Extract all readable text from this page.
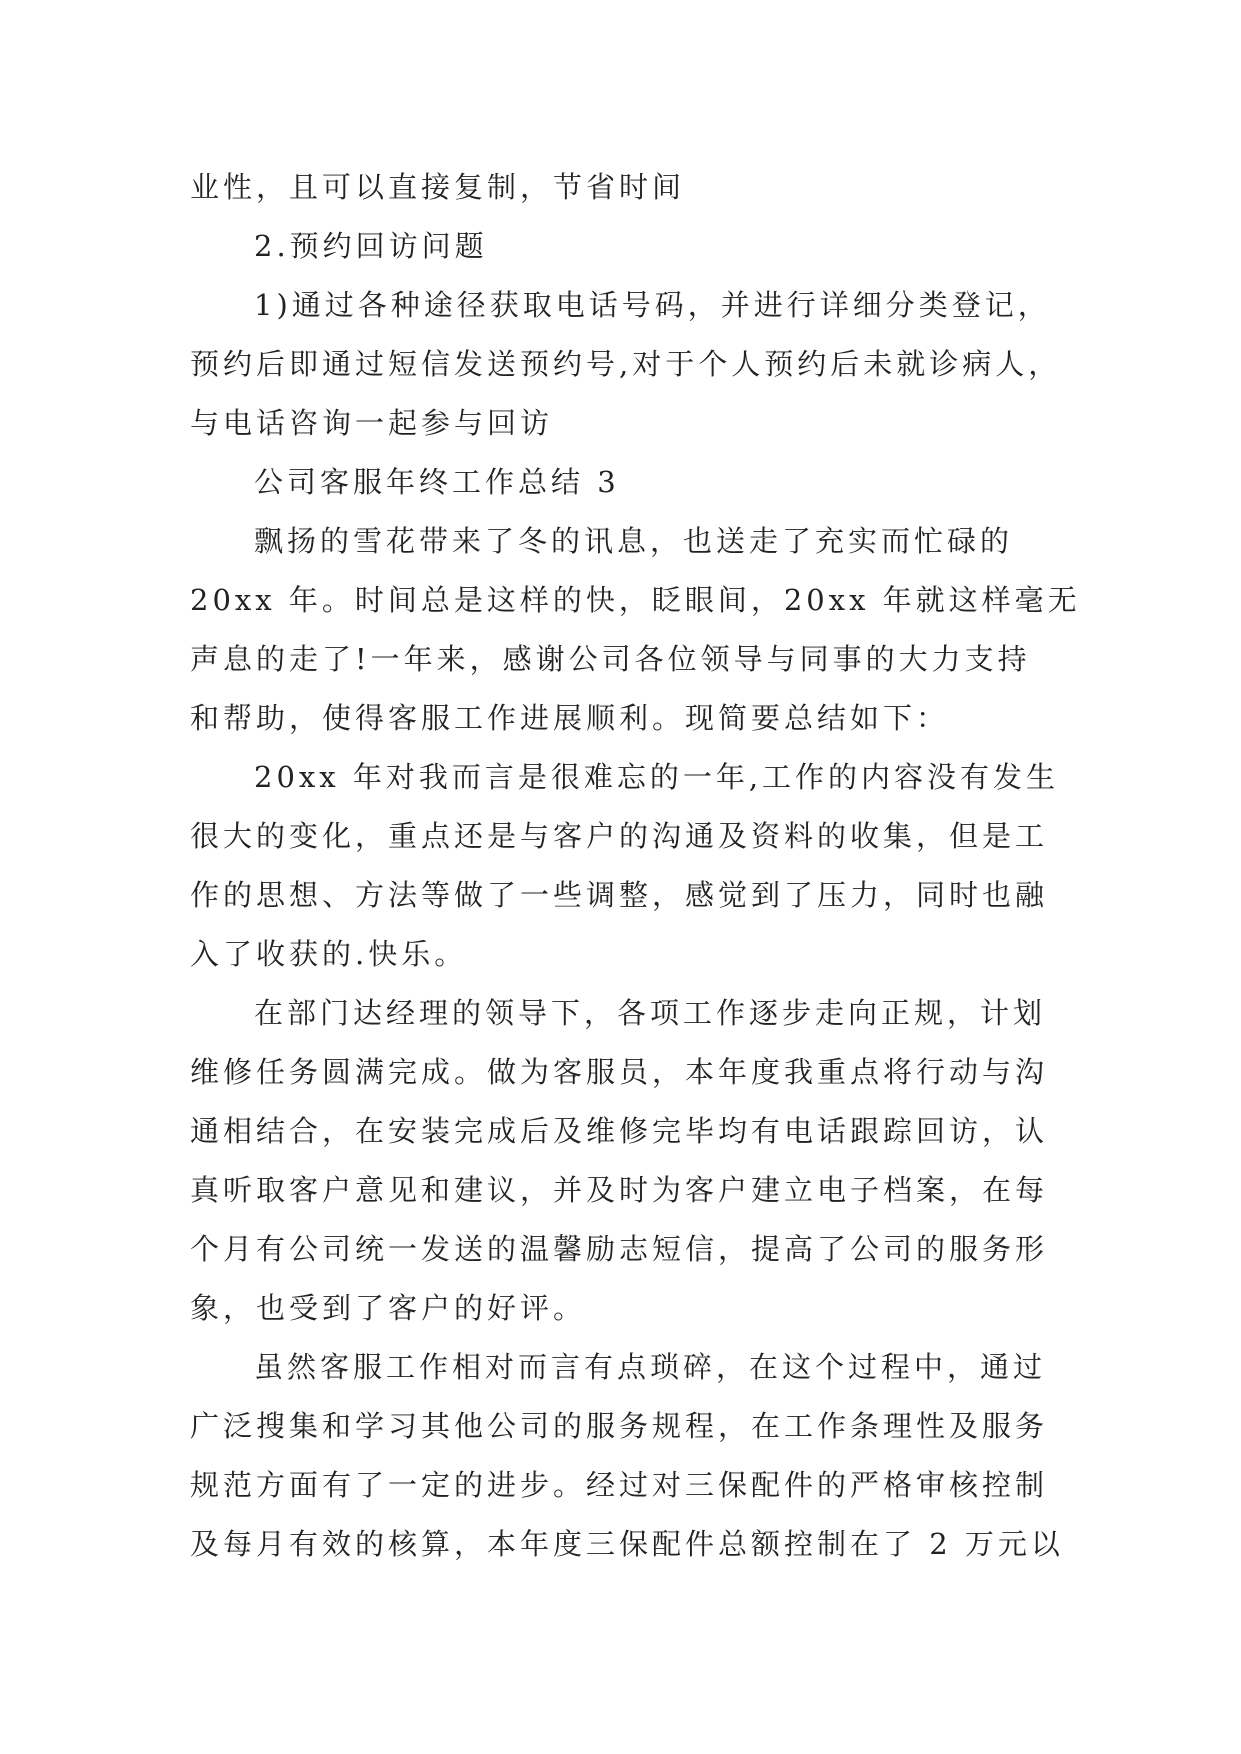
业性，且可以直接复制，节省时间
2.预约回访问题
1)通过各种途径获取电话号码，并进行详细分类登记，
预约后即通过短信发送预约号,对于个人预约后未就诊病人，
与电话咨询一起参与回访
公司客服年终工作总结 3
飘扬的雪花带来了冬的讯息，也送走了充实而忙碌的
20xx 年。时间总是这样的快，眨眼间，20xx 年就这样毫无
声息的走了!一年来，感谢公司各位领导与同事的大力支持
和帮助，使得客服工作进展顺利。现简要总结如下：
20xx 年对我而言是很难忘的一年,工作的内容没有发生
很大的变化，重点还是与客户的沟通及资料的收集，但是工
作的思想、方法等做了一些调整，感觉到了压力，同时也融
入了收获的.快乐。
在部门达经理的领导下，各项工作逐步走向正规，计划
维修任务圆满完成。做为客服员，本年度我重点将行动与沟
通相结合，在安装完成后及维修完毕均有电话跟踪回访，认
真听取客户意见和建议，并及时为客户建立电子档案，在每
个月有公司统一发送的温馨励志短信，提高了公司的服务形
象，也受到了客户的好评。
虽然客服工作相对而言有点琐碎，在这个过程中，通过
广泛搜集和学习其他公司的服务规程，在工作条理性及服务
规范方面有了一定的进步。经过对三保配件的严格审核控制
及每月有效的核算，本年度三保配件总额控制在了 2 万元以
